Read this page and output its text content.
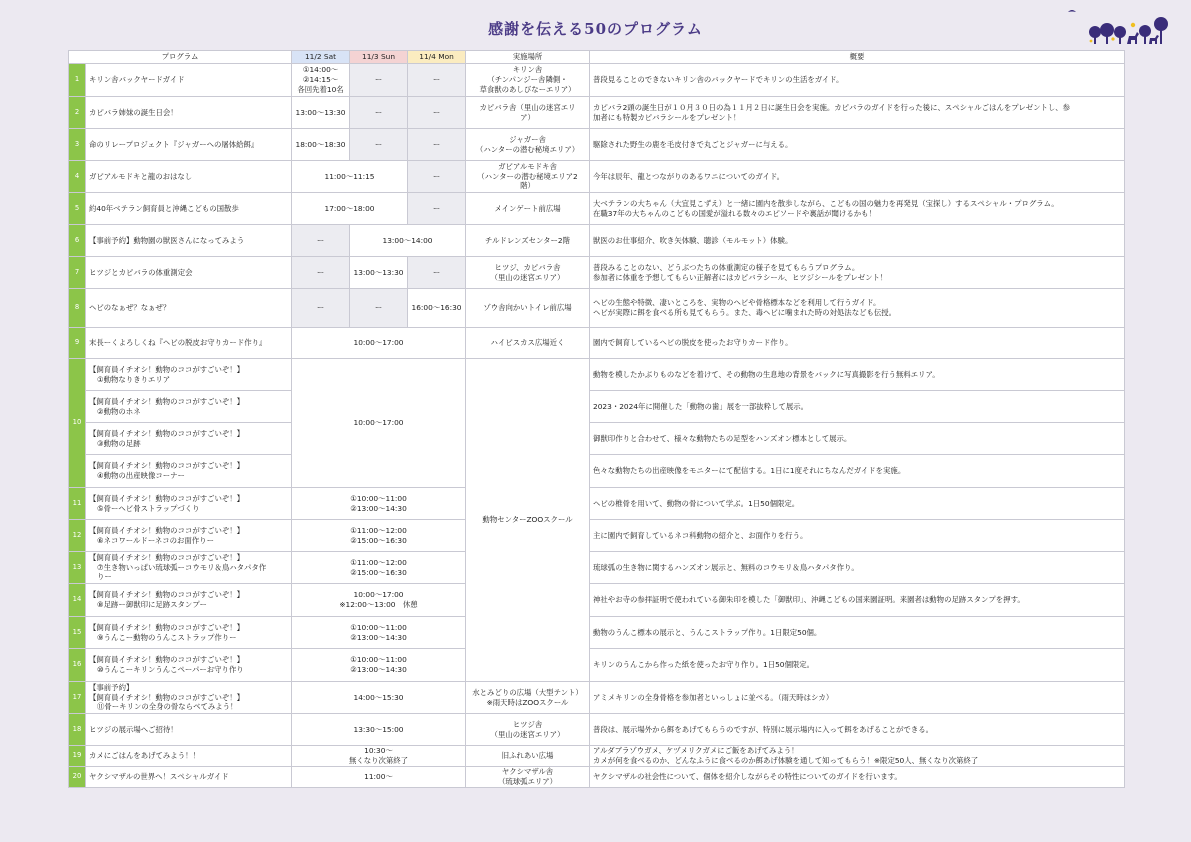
感謝を伝える50のプログラム
プログラム		11/2 Sat	11/3 Sun	11/4 Mon	実施場所	概要

1	キリン舎バックヤードガイド	①14:00〜
②14:15〜
各回先着10名	ー	ー	キリン舎
（チンパンジー舎隣側・
草食獣のあしびなーエリア）	普段見ることのできないキリン舎のバックヤードでキリンの生活をガイド。

2	カピバラ姉妹の誕生日会！	13:00〜13:30	ー	ー	カピバラ舎（里山の迷宮エリ
ア）	カピバラ2頭の誕生日が１０月３０日の為１１月２日に誕生日会を実施。カピバラのガイドを行った後に、スペシャルごはんをプレゼントし、参
加者にも特製カピバラシールをプレゼント！

3	命のリレープロジェクト『ジャガーへの屠体給餌』	18:00〜18:30	ー	ー	ジャガー舎
（ハンターの潜む秘境エリア）	駆除された野生の鹿を毛皮付きで丸ごとジャガーに与える。

4	ガビアルモドキと龍のおはなし	11:00〜11:15		ー	ガビアルモドキ舎
（ハンターの潜む秘境エリア2
階）	今年は辰年、龍とつながりのあるワニについてのガイド。

5	約40年ベテラン飼育員と沖縄こどもの国散歩	17:00〜18:00		ー	メインゲート前広場	大ベテランの大ちゃん（大宜見こずえ）と一緒に園内を散歩しながら、こどもの国の魅力を再発見（宝探し）するスペシャル・プログラム。
在職37年の大ちゃんのこどもの国愛が溢れる数々のエピソードや裏話が聞けるかも！

6	【事前予約】動物園の獣医さんになってみよう	ー	13:00〜14:00		チルドレンズセンター2階	獣医のお仕事紹介、吹き矢体験、聴診（モルモット）体験。

7	ヒツジとカピバラの体重測定会	ー	13:00〜13:30	ー	ヒツジ、カピバラ舎
（里山の迷宮エリア）	普段みることのない、どうぶつたちの体重測定の様子を見てもらうプログラム。
参加者に体重を予想してもらい正解者にはカピバラシール、ヒツジシールをプレゼント！

8	ヘビのなぁぜ？なぁぜ？	ー	ー	16:00〜16:30	ゾウ舎向かいトイレ前広場	ヘビの生態や特徴、凄いところを、実物のヘビや骨格標本などを利用して行うガイド。
ヘビが実際に餌を食べる所も見てもらう。また、毒ヘビに噛まれた時の対処法なども伝授。

9	末長ーくよろしくね『ヘビの脱皮お守りカード作り』	10:00〜17:00			ハイビスカス広場近く	園内で飼育しているヘビの脱皮を使ったお守りカード作り。

10	【飼育員イチオシ！動物のココがすごいぞ！】
①動物なりきりエリア	10:00〜17:00			動物センターZOOスクール	動物を模したかぶりものなどを着けて、その動物の生息地の背景をバックに写真撮影を行う無料エリア。

	【飼育員イチオシ！動物のココがすごいぞ！】
②動物のホネ					2023・2024年に開催した「動物の歯」展を一部抜粋して展示。

	【飼育員イチオシ！動物のココがすごいぞ！】
③動物の足跡					御獣印作りと合わせて、様々な動物たちの足型をハンズオン標本として展示。

	【飼育員イチオシ！動物のココがすごいぞ！】
④動物の出産映像コーナー					色々な動物たちの出産映像をモニターにて配信する。1日に1度それにちなんだガイドを実施。

11	【飼育員イチオシ！動物のココがすごいぞ！】
⑤骨ーヘビ骨ストラップづくり	①10:00〜11:00
②13:00〜14:30				ヘビの椎骨を用いて、動物の骨について学ぶ。1日50個限定。

12	【飼育員イチオシ！動物のココがすごいぞ！】
⑥ネコワールドーネコのお面作りー	①11:00〜12:00
②15:00〜16:30				主に園内で飼育しているネコ科動物の紹介と、お面作りを行う。

13	【飼育員イチオシ！動物のココがすごいぞ！】
⑦生き物いっぱい琉球弧ーコウモリ＆鳥ハタパタ作
りー	①11:00〜12:00
②15:00〜16:30				琉球弧の生き物に関するハンズオン展示と、無料のコウモリ＆鳥ハタパタ作り。

14	【飼育員イチオシ！動物のココがすごいぞ！】
⑧足跡ー御獣印に足跡スタンプー	10:00〜17:00
※12:00〜13:00　休憩				神社やお寺の参拝証明で使われている御朱印を模した「御獣印」、沖縄こどもの国来園証明。来園者は動物の足跡スタンプを押す。

15	【飼育員イチオシ！動物のココがすごいぞ！】
⑨うんこー動物のうんこストラップ作りー	①10:00〜11:00
②13:00〜14:30				動物のうんこ標本の展示と、うんこストラップ作り。1日限定50個。

16	【飼育員イチオシ！動物のココがすごいぞ！】
⑩うんこーキリンうんこペーパーお守り作り	①10:00〜11:00
②13:00〜14:30				キリンのうんこから作った紙を使ったお守り作り。1日50個限定。

17	【事前予約】
【飼育員イチオシ！動物のココがすごいぞ！】
⑪骨ーキリンの全身の骨ならべてみよう！	14:00〜15:30			水とみどりの広場（大型テント）
※雨天時はZOOスクール	アミメキリンの全身骨格を参加者といっしょに並べる。（雨天時はシカ）

18	ヒツジの展示場へご招待！	13:30〜15:00			ヒツジ舎
（里山の迷宮エリア）	普段は、展示場外から餌をあげてもらうのですが、特別に展示場内に入って餌をあげることができる。

19	カメにごはんをあげてみよう！！	10:30〜
無くなり次第終了			旧ふれあい広場	アルダブラゾウガメ、ケヅメリクガメにご飯をあげてみよう！
カメが何を食べるのか、どんなふうに食べるのか餌あげ体験を通して知ってもらう！※限定50人、無くなり次第終了

20	ヤクシマザルの世界へ！スペシャルガイド	11:00〜			ヤクシマザル舎
（琉球弧エリア）	ヤクシマザルの社会性について、個体を紹介しながらその特性についてのガイドを行います。
